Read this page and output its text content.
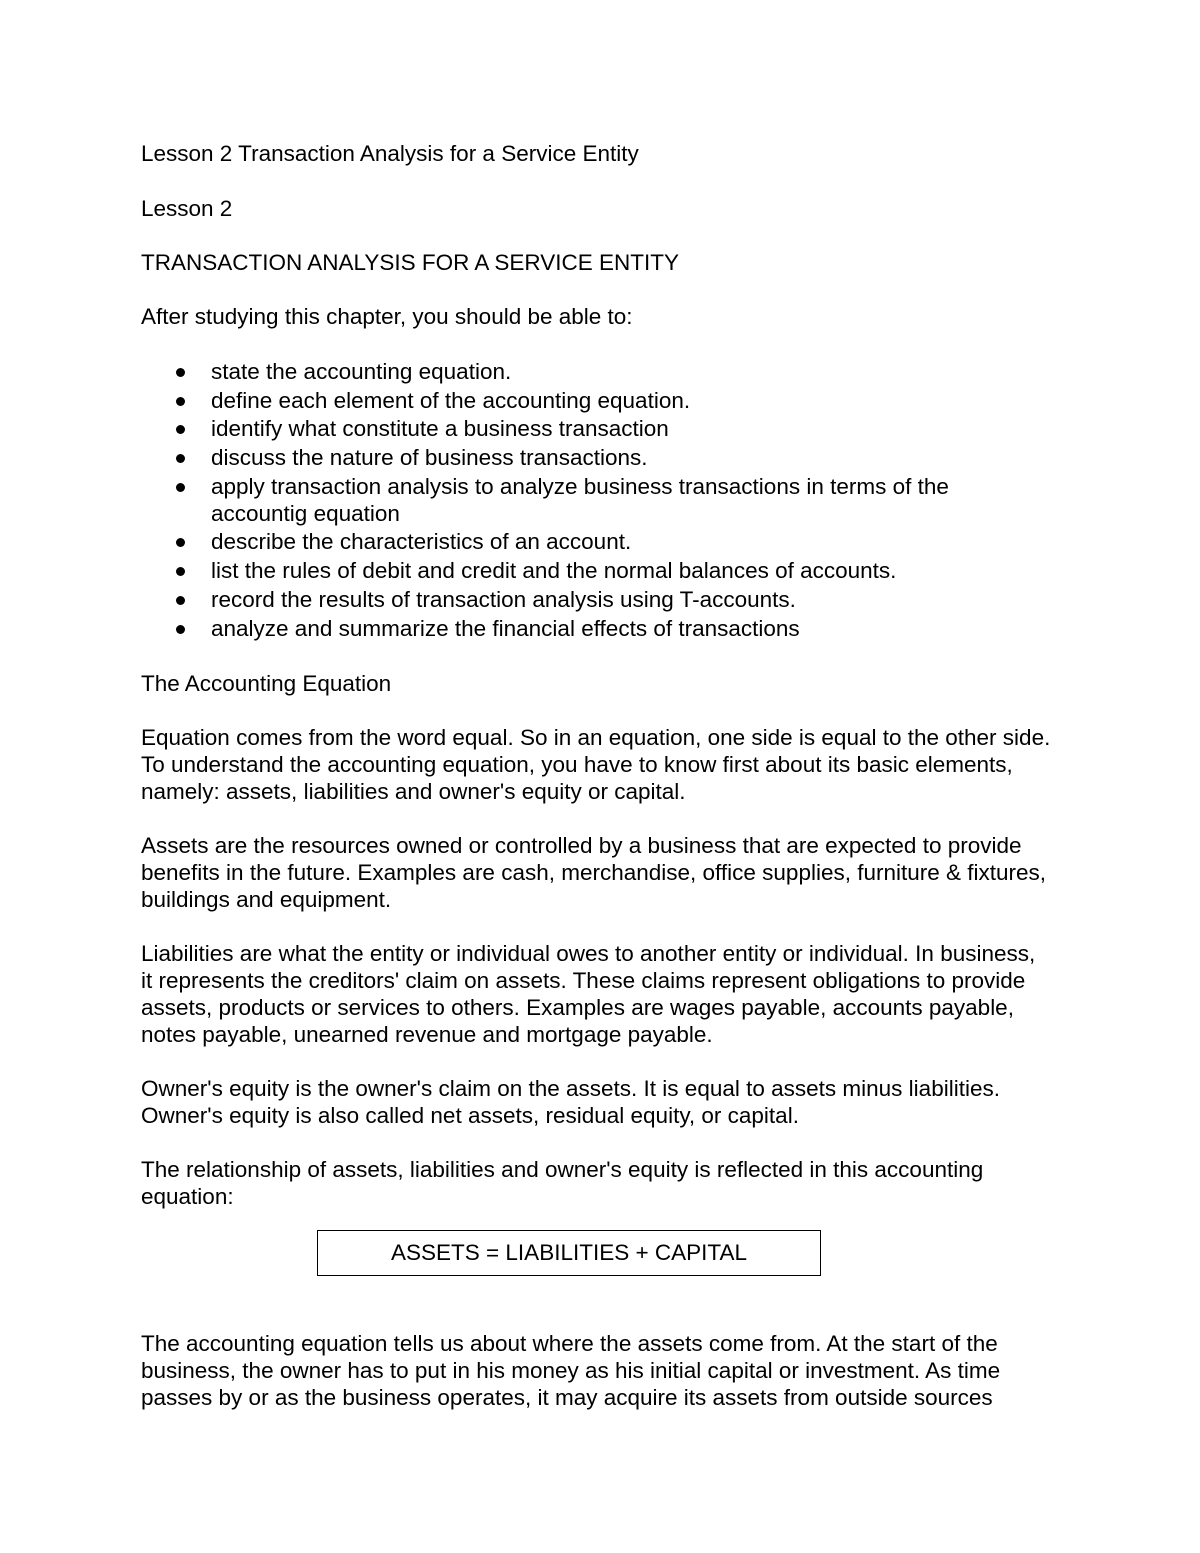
Lesson 2 Transaction Analysis for a Service Entity

Lesson 2

TRANSACTION ANALYSIS FOR A SERVICE ENTITY

After studying this chapter, you should be able to:

state the accounting equation.
define each element of the accounting equation.
identify what constitute a business transaction
discuss the nature of business transactions.
apply transaction analysis to analyze business transactions in terms of the accountig equation
describe the characteristics of an account.
list the rules of debit and credit and the normal balances of accounts.
record the results of transaction analysis using T-accounts.
analyze and summarize the financial effects of transactions

The Accounting Equation

Equation comes from the word equal. So in an equation, one side is equal to the other side. To understand the accounting equation, you have to know first about its basic elements, namely: assets, liabilities and owner's equity or capital.

Assets are the resources owned or controlled by a business that are expected to provide benefits in the future. Examples are cash, merchandise, office supplies, furniture & fixtures, buildings and equipment.

Liabilities are what the entity or individual owes to another entity or individual. In business, it represents the creditors' claim on assets. These claims represent obligations to provide assets, products or services to others. Examples are wages payable, accounts payable, notes payable, unearned revenue and mortgage payable.

Owner's equity is the owner's claim on the assets. It is equal to assets minus liabilities. Owner's equity is also called net assets, residual equity, or capital.

The relationship of assets, liabilities and owner's equity is reflected in this accounting equation:

ASSETS = LIABILITIES + CAPITAL

The accounting equation tells us about where the assets come from. At the start of the business, the owner has to put in his money as his initial capital or investment. As time passes by or as the business operates, it may acquire its assets from outside sources
